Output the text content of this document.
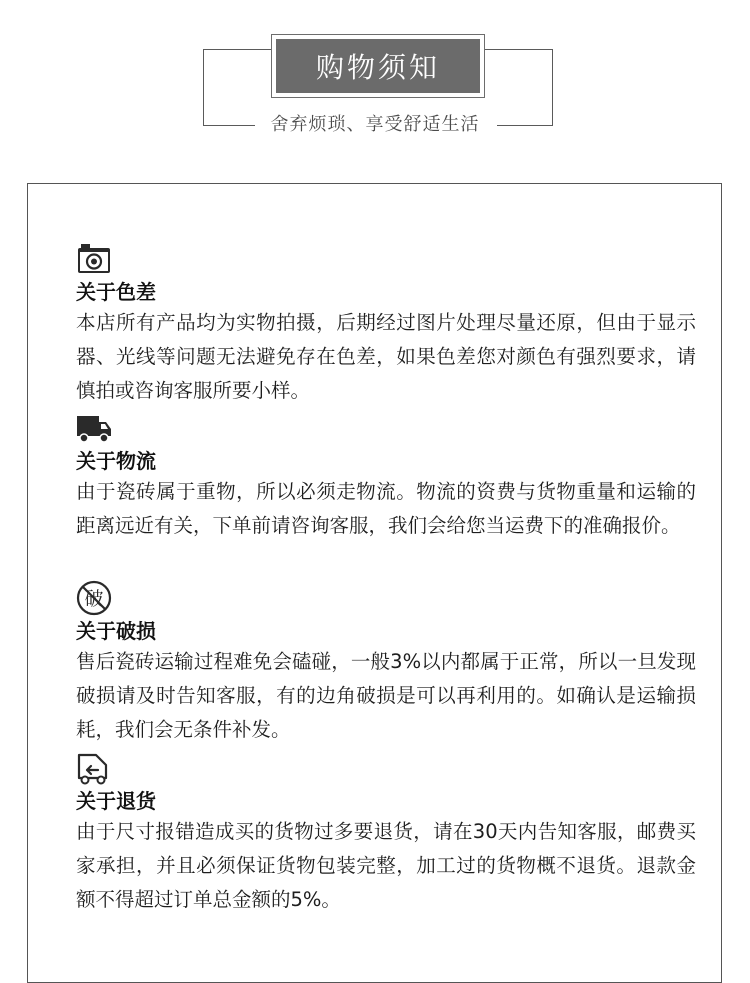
购物须知
舍弃烦琐、享受舒适生活
关于色差
本店所有产品均为实物拍摄，后期经过图片处理尽量还原，但由于显示器、光线等问题无法避免存在色差，如果色差您对颜色有强烈要求，请慎拍或咨询客服所要小样。
关于物流
由于瓷砖属于重物，所以必须走物流。物流的资费与货物重量和运输的距离远近有关，下单前请咨询客服，我们会给您当运费下的准确报价。
破
关于破损
售后瓷砖运输过程难免会磕碰，一般3%以内都属于正常，所以一旦发现破损请及时告知客服，有的边角破损是可以再利用的。如确认是运输损耗，我们会无条件补发。
关于退货
由于尺寸报错造成买的货物过多要退货，请在30天内告知客服，邮费买家承担，并且必须保证货物包装完整，加工过的货物概不退货。退款金额不得超过订单总金额的5%。
